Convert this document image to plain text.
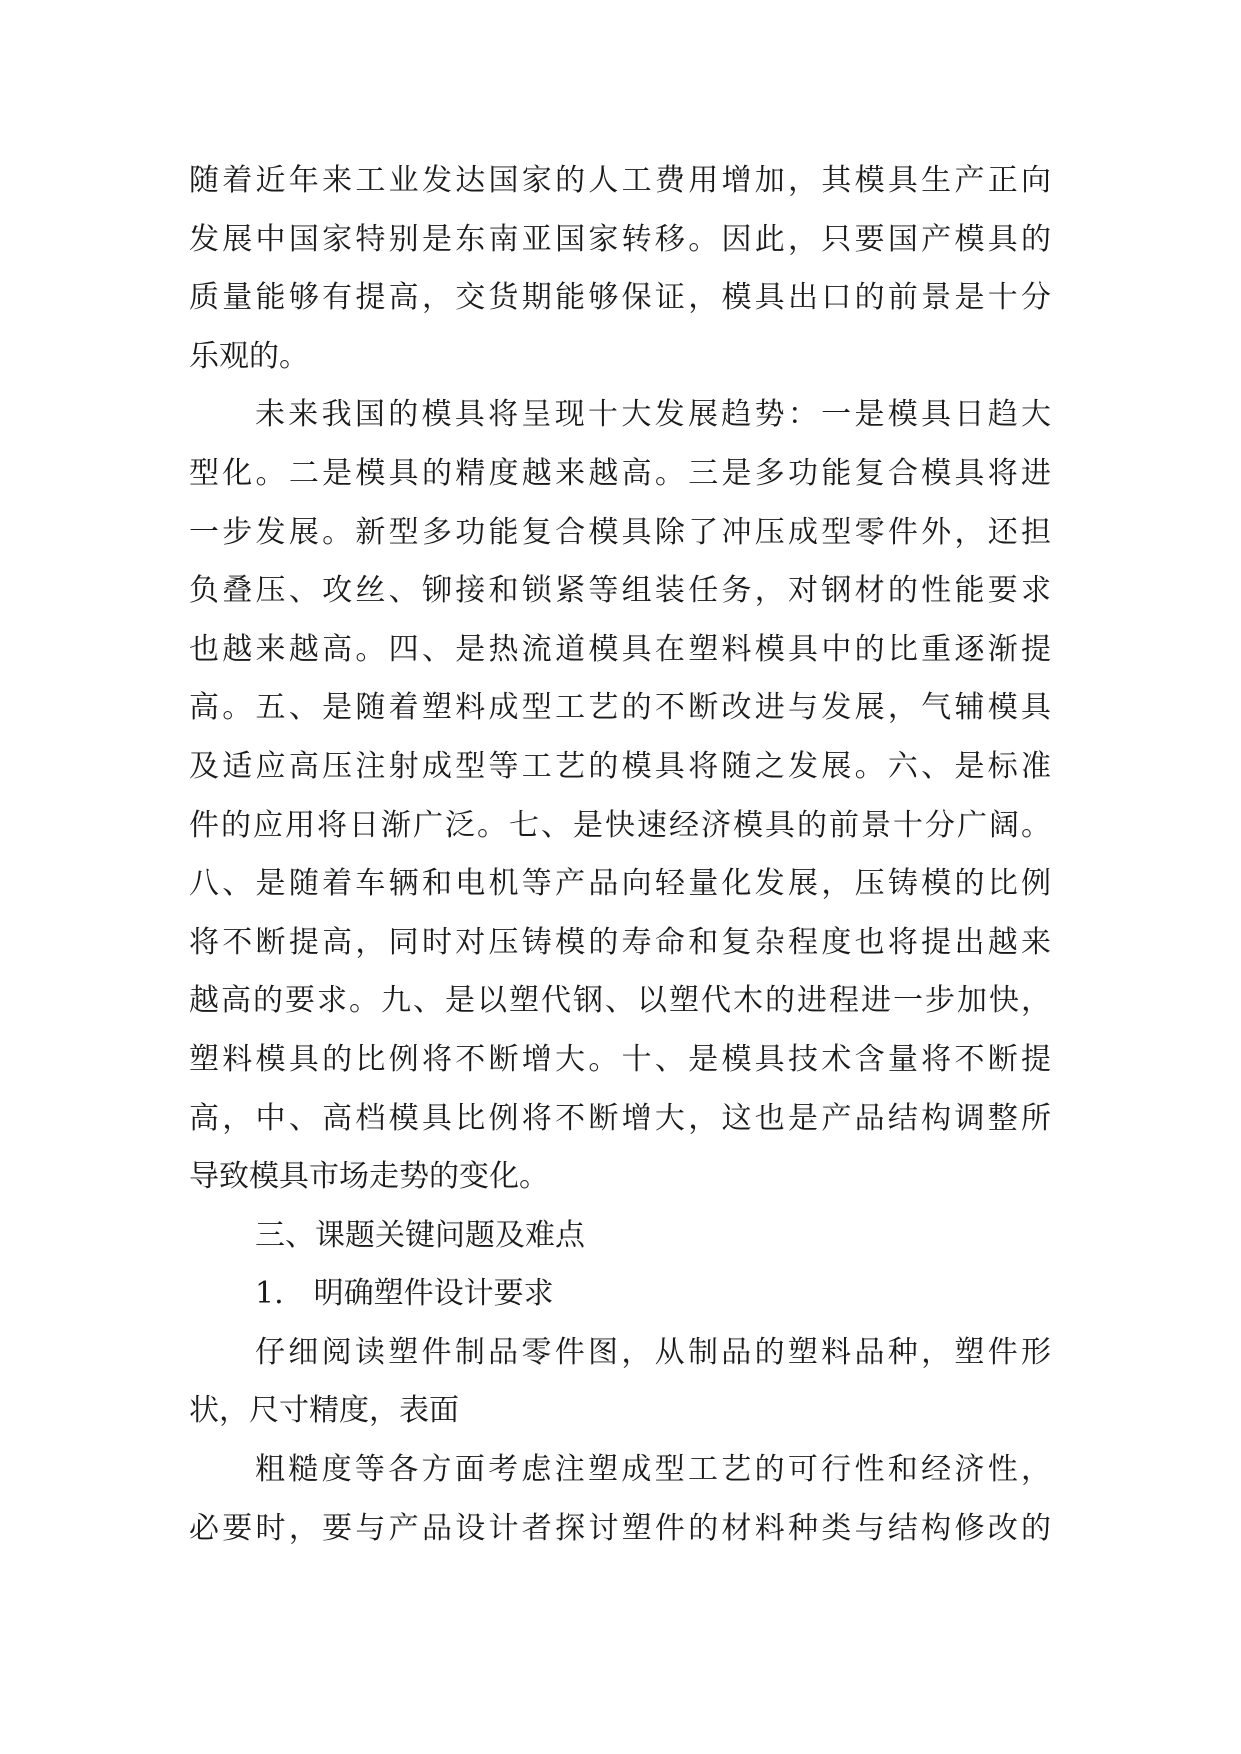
随着近年来工业发达国家的人工费用增加，其模具生产正向
发展中国家特别是东南亚国家转移。因此，只要国产模具的
质量能够有提高，交货期能够保证，模具出口的前景是十分
乐观的。
未来我国的模具将呈现十大发展趋势：一是模具日趋大
型化。二是模具的精度越来越高。三是多功能复合模具将进
一步发展。新型多功能复合模具除了冲压成型零件外，还担
负叠压、攻丝、铆接和锁紧等组装任务，对钢材的性能要求
也越来越高。四、是热流道模具在塑料模具中的比重逐渐提
高。五、是随着塑料成型工艺的不断改进与发展，气辅模具
及适应高压注射成型等工艺的模具将随之发展。六、是标准
件的应用将日渐广泛。七、是快速经济模具的前景十分广阔。
八、是随着车辆和电机等产品向轻量化发展，压铸模的比例
将不断提高，同时对压铸模的寿命和复杂程度也将提出越来
越高的要求。九、是以塑代钢、以塑代木的进程进一步加快，
塑料模具的比例将不断增大。十、是模具技术含量将不断提
高，中、高档模具比例将不断增大，这也是产品结构调整所
导致模具市场走势的变化。
三、课题关键问题及难点
1.　明确塑件设计要求
仔细阅读塑件制品零件图，从制品的塑料品种，塑件形
状，尺寸精度，表面
粗糙度等各方面考虑注塑成型工艺的可行性和经济性，
必要时，要与产品设计者探讨塑件的材料种类与结构修改的
